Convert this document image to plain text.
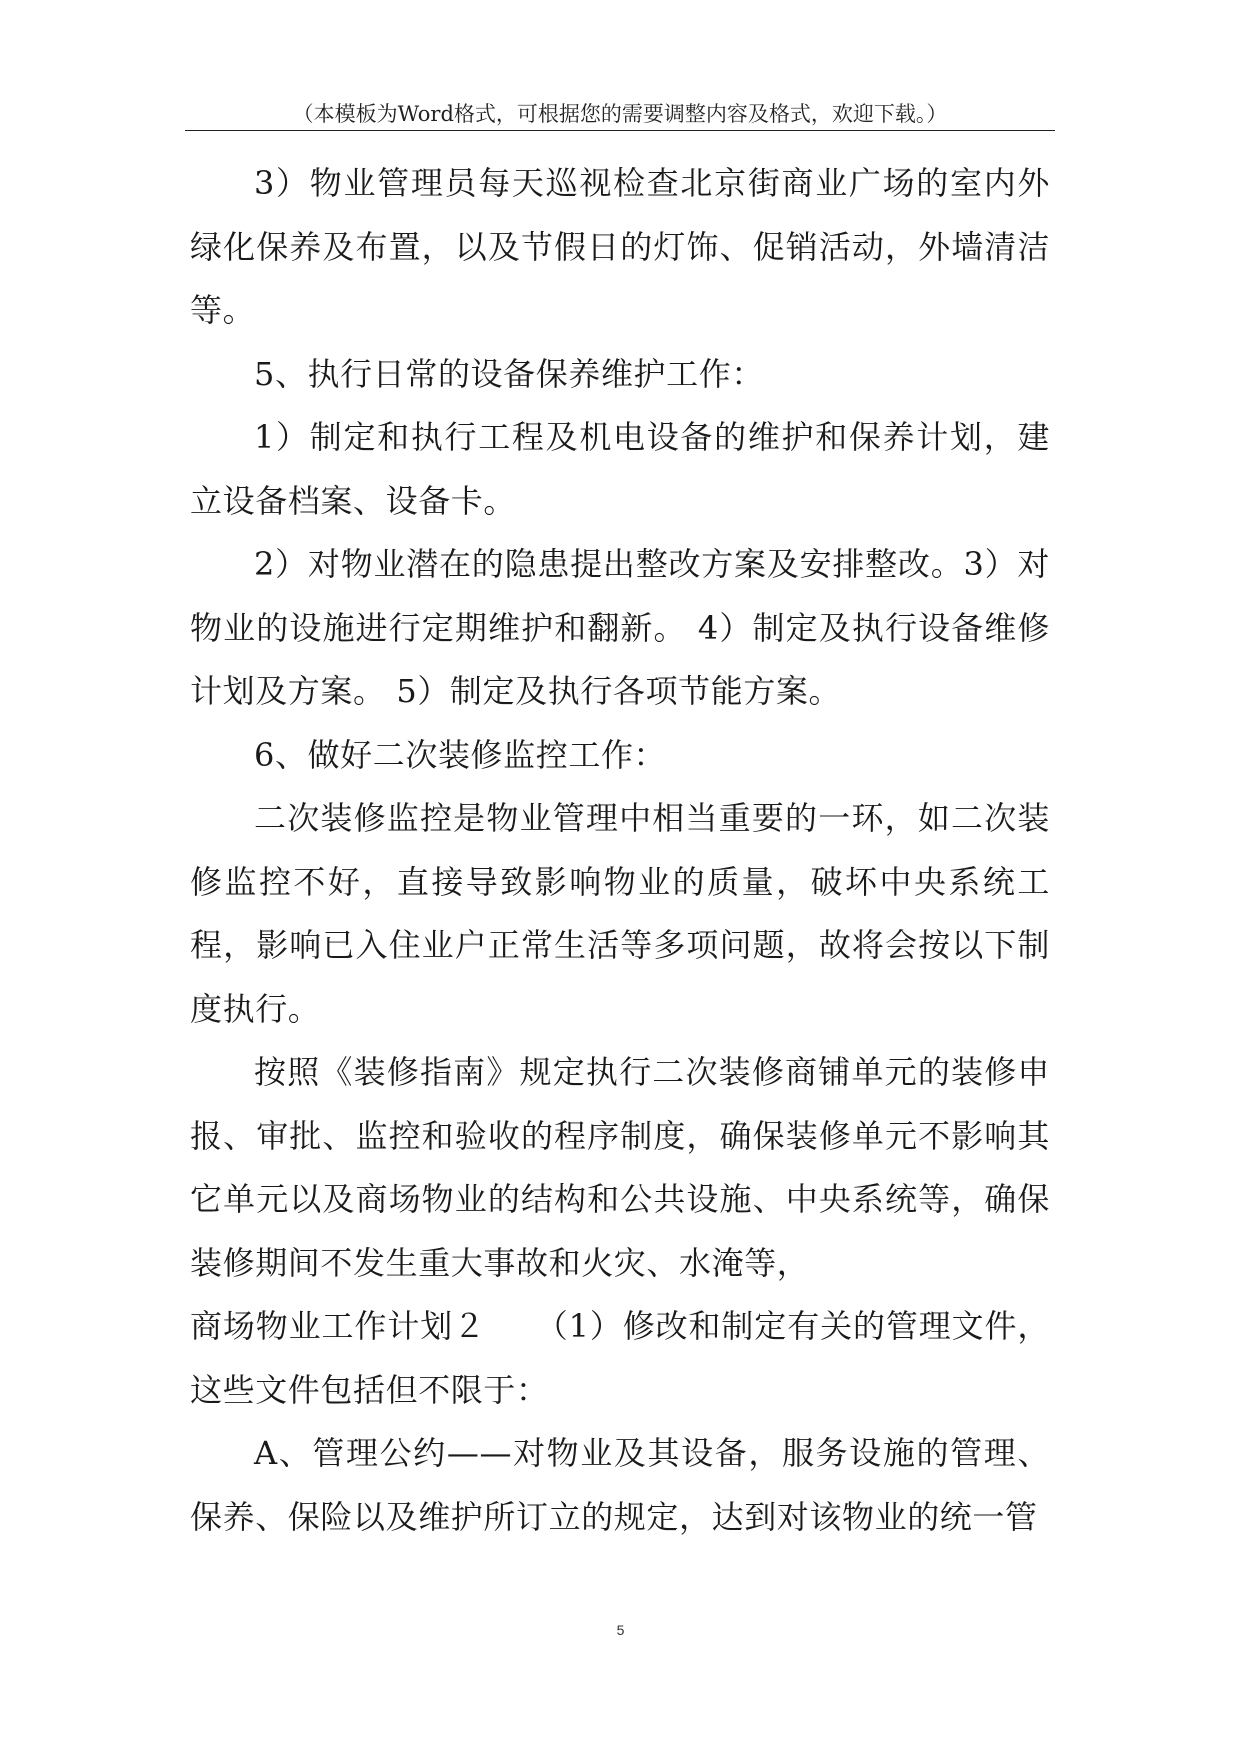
（本模板为Word格式，可根据您的需要调整内容及格式，欢迎下载。）

3）物业管理员每天巡视检查北京街商业广场的室内外绿化保养及布置，以及节假日的灯饰、促销活动，外墙清洁等。

5、执行日常的设备保养维护工作：

1）制定和执行工程及机电设备的维护和保养计划，建立设备档案、设备卡。

2）对物业潜在的隐患提出整改方案及安排整改。3）对物业的设施进行定期维护和翻新。 4）制定及执行设备维修计划及方案。 5）制定及执行各项节能方案。

6、做好二次装修监控工作：

二次装修监控是物业管理中相当重要的一环，如二次装修监控不好，直接导致影响物业的质量，破坏中央系统工程，影响已入住业户正常生活等多项问题，故将会按以下制度执行。

按照《装修指南》规定执行二次装修商铺单元的装修申报、审批、监控和验收的程序制度，确保装修单元不影响其它单元以及商场物业的结构和公共设施、中央系统等，确保装修期间不发生重大事故和火灾、水淹等，

商场物业工作计划２　　（1）修改和制定有关的管理文件，这些文件包括但不限于：

A、管理公约——对物业及其设备，服务设施的管理、保养、保险以及维护所订立的规定，达到对该物业的统一管

5
